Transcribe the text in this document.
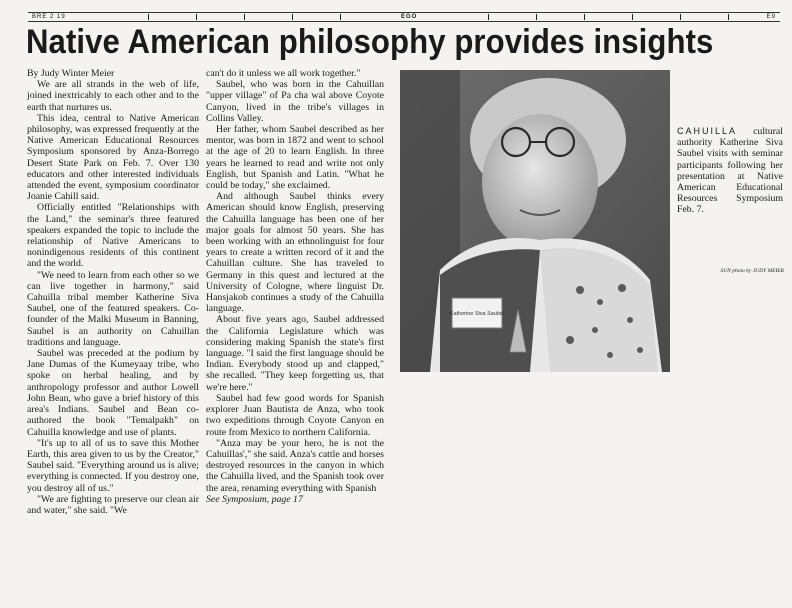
BRE 2 19	EGO	E9
Native American philosophy provides insights

By Judy Winter Meier

We are all strands in the web of life, joined inextricably to each other and to the earth that nurtures us.

This idea, central to Native American philosophy, was expressed frequently at the Native American Educational Resources Symposium sponsored by Anza-Borrego Desert State Park on Feb. 7. Over 130 educators and other interested individuals attended the event, symposium coordinator Joanie Cahill said.

Officially entitled "Relationships with the Land," the seminar's three featured speakers expanded the topic to include the relationship of Native Americans to nonindigenous residents of this continent and the world.

"We need to learn from each other so we can live together in harmony," said Cahuilla tribal member Katherine Siva Saubel, one of the featured speakers. Co-founder of the Malki Museum in Banning, Saubel is an authority on Cahuillan traditions and language.

Saubel was preceded at the podium by Jane Dumas of the Kumeyaay tribe, who spoke on herbal healing, and by anthropology professor and author Lowell John Bean, who gave a brief history of this area's Indians. Saubel and Bean co-authored the book "Temalpakh" on Cahuilla knowledge and use of plants.

"It's up to all of us to save this Mother Earth, this area given to us by the Creator," Saubel said. "Everything around us is alive; everything is connected. If you destroy one, you destroy all of us."

"We are fighting to preserve our clean air and water," she said. "We

can't do it unless we all work together."

Saubel, who was born in the Cahuillan "upper village" of Pa cha wal above Coyote Canyon, lived in the tribe's villages in Collins Valley.

Her father, whom Saubel described as her mentor, was born in 1872 and went to school at the age of 20 to learn English. In three years he learned to read and write not only English, but Spanish and Latin. "What he could be today," she exclaimed.

And although Saubel thinks every American should know English, preserving the Cahuilla language has been one of her major goals for almost 50 years. She has been working with an ethnolinguist for four years to create a written record of it and the Cahuillan culture. She has traveled to Germany in this quest and lectured at the University of Cologne, where linguist Dr. Hansjakob continues a study of the Cahuilla language.

About five years ago, Saubel addressed the California Legislature which was considering making Spanish the state's first language. "I said the first language should be Indian. Everybody stood up and clapped," she recalled. "They keep forgetting us, that we're here."

Saubel had few good words for Spanish explorer Juan Bautista de Anza, who took two expeditions through Coyote Canyon en route from Mexico to northern California.

"Anza may be your hero, he is not the Cahuillas'," she said. Anza's cattle and horses destroyed resources in the canyon in which the Cahuilla lived, and the Spanish took over the area, renaming everything with Spanish

See Symposium, page 17

Katherine Siva Saubel
CAHUILLA cultural authority Katherine Siva Saubel visits with seminar participants following her presentation at Native American Educational Resources Symposium Feb. 7.
SUN photo by JUDY MEIER
